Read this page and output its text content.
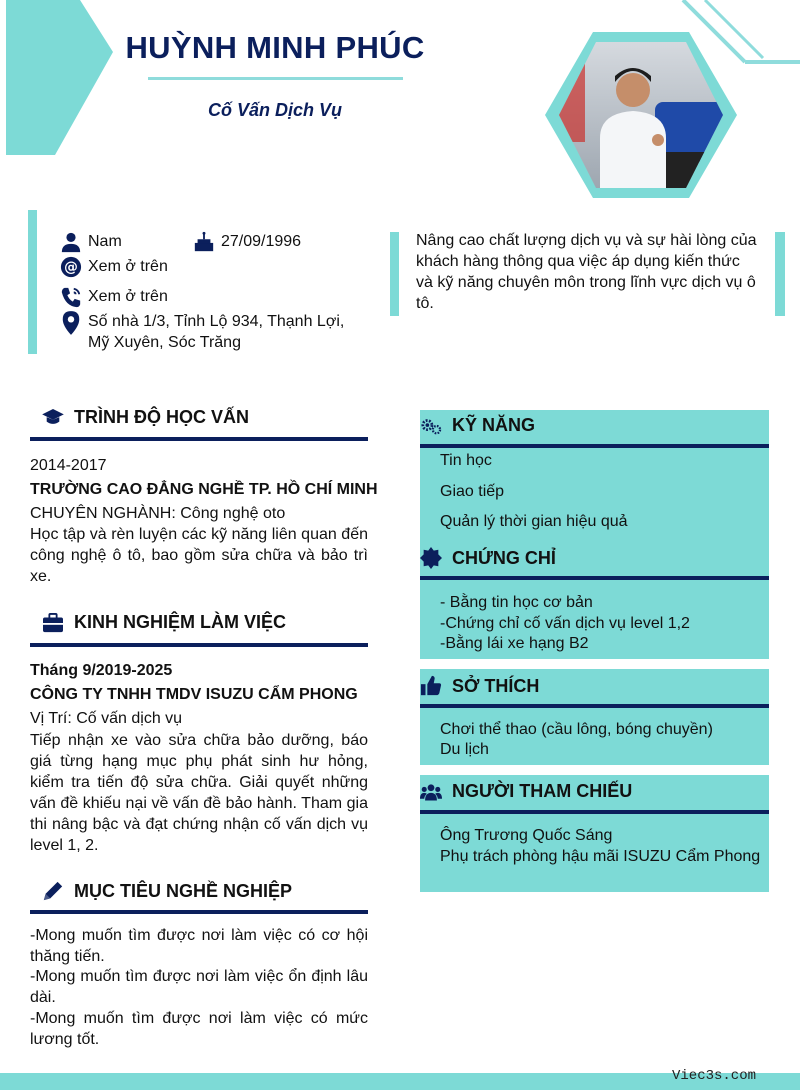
HUỲNH MINH PHÚC
Cố Vấn Dịch Vụ
Nam	27/09/1996
@ Xem ở trên
Xem ở trên
Số nhà 1/3, Tỉnh Lộ 934, Thạnh Lợi,
Mỹ Xuyên, Sóc Trăng
Nâng cao chất lượng dịch vụ và sự hài lòng của khách hàng thông qua việc áp dụng kiến thức và kỹ năng chuyên môn trong lĩnh vực dịch vụ ô tô.
TRÌNH ĐỘ HỌC VẤN
2014-2017
TRƯỜNG CAO ĐẲNG NGHỀ TP. HỒ CHÍ MINH
CHUYÊN NGHÀNH: Công nghệ oto
Học tập và rèn luyện các kỹ năng liên quan đến công nghệ ô tô, bao gồm sửa chữa và bảo trì xe.
KINH NGHIỆM LÀM VIỆC
Tháng 9/2019-2025
CÔNG TY TNHH TMDV ISUZU CẨM PHONG
Vị Trí: Cố vấn dịch vụ
Tiếp nhận xe vào sửa chữa bảo dưỡng, báo giá từng hạng mục phụ phát sinh hư hỏng, kiểm tra tiến độ sửa chữa. Giải quyết những vấn đề khiếu nại về vấn đề bảo hành. Tham gia thi nâng bậc và đạt chứng nhận cố vấn dịch vụ level 1, 2.
MỤC TIÊU NGHỀ NGHIỆP
-Mong muốn tìm được nơi làm việc có cơ hội thăng tiến.
-Mong muốn tìm được nơi làm việc ổn định lâu dài.
-Mong muốn tìm được nơi làm việc có mức lương tốt.
KỸ NĂNG
Tin học
Giao tiếp
Quản lý thời gian hiệu quả
CHỨNG CHỈ
- Bằng tin học cơ bản
-Chứng chỉ cố vấn dịch vụ level 1,2
-Bằng lái xe hạng B2
SỞ THÍCH
Chơi thể thao (cầu lông, bóng chuyền)
Du lịch
NGƯỜI THAM CHIẾU
Ông Trương Quốc Sáng
Phụ trách phòng hậu mãi ISUZU Cẩm Phong
Viec3s.com
